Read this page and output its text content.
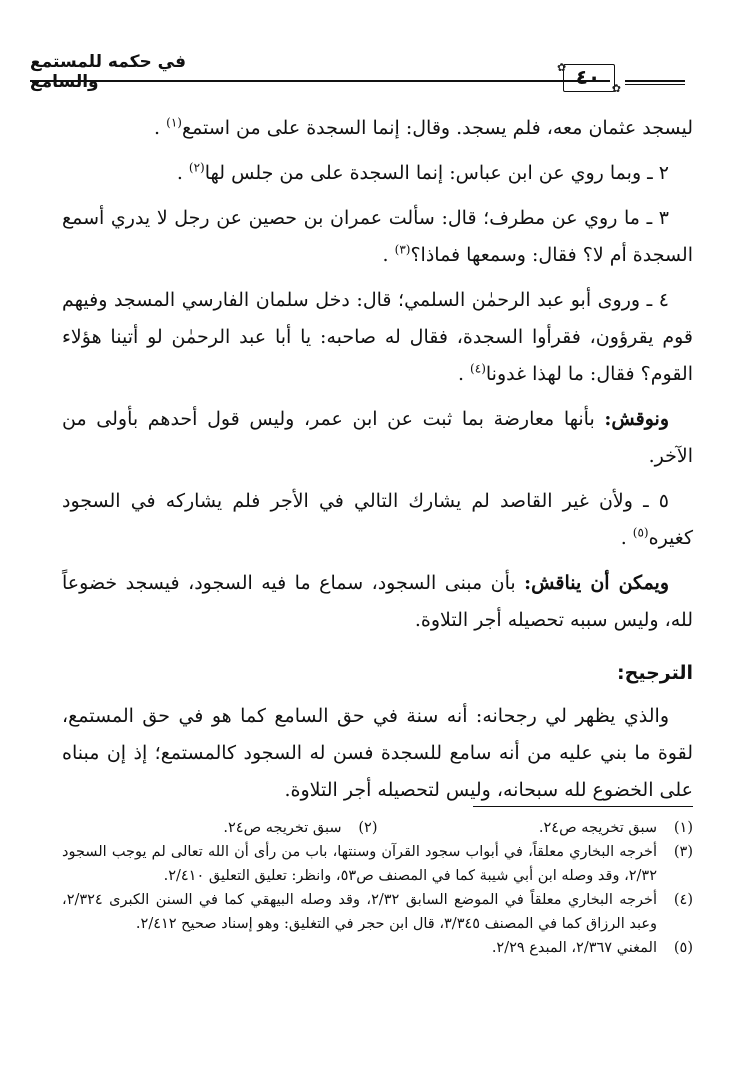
في حكمه للمستمع والسامع
✿
✿
٤٠

ليسجد عثمان معه، فلم يسجد. وقال: إنما السجدة على من استمع$^{(١)}$ .

٢ ـ وبما روي عن ابن عباس: إنما السجدة على من جلس لها$^{(٢)}$ .

٣ ـ ما روي عن مطرف؛ قال: سألت عمران بن حصين عن رجل لا يدري أسمع السجدة أم لا؟ فقال: وسمعها فماذا؟$^{(٣)}$ .

٤ ـ وروى أبو عبد الرحمٰن السلمي؛ قال: دخل سلمان الفارسي المسجد وفيهم قوم يقرؤون، فقرأوا السجدة، فقال له صاحبه: يا أبا عبد الرحمٰن لو أتينا هؤلاء القوم؟ فقال: ما لهذا غدونا$^{(٤)}$ .

ونوقش: بأنها معارضة بما ثبت عن ابن عمر، وليس قول أحدهم بأولى من الآخر.

٥ ـ ولأن غير القاصد لم يشارك التالي في الأجر فلم يشاركه في السجود كغيره$^{(٥)}$ .

ويمكن أن يناقش: بأن مبنى السجود، سماع ما فيه السجود، فيسجد خضوعاً لله، وليس سببه تحصيله أجر التلاوة.

الترجيح:

والذي يظهر لي رجحانه: أنه سنة في حق السامع كما هو في حق المستمع، لقوة ما بني عليه من أنه سامع للسجدة فسن له السجود كالمستمع؛ إذ إن مبناه على الخضوع لله سبحانه، وليس لتحصيله أجر التلاوة.

(١)
سبق تخريجه ص٢٤.
(٢)
سبق تخريجه ص٢٤.
(٣)
أخرجه البخاري معلقاً، في أبواب سجود القرآن وسنتها، باب من رأى أن الله تعالى لم يوجب السجود ٢/٣٢، وقد وصله ابن أبي شيبة كما في المصنف ص٥٣، وانظر: تعليق التعليق ٢/٤١٠.
(٤)
أخرجه البخاري معلقاً في الموضع السابق ٢/٣٢، وقد وصله البيهقي كما في السنن الكبرى ٢/٣٢٤، وعبد الرزاق كما في المصنف ٣/٣٤٥، قال ابن حجر في التغليق: وهو إسناد صحيح ٢/٤١٢.
(٥)
المغني ٢/٣٦٧، المبدع ٢/٢٩.
